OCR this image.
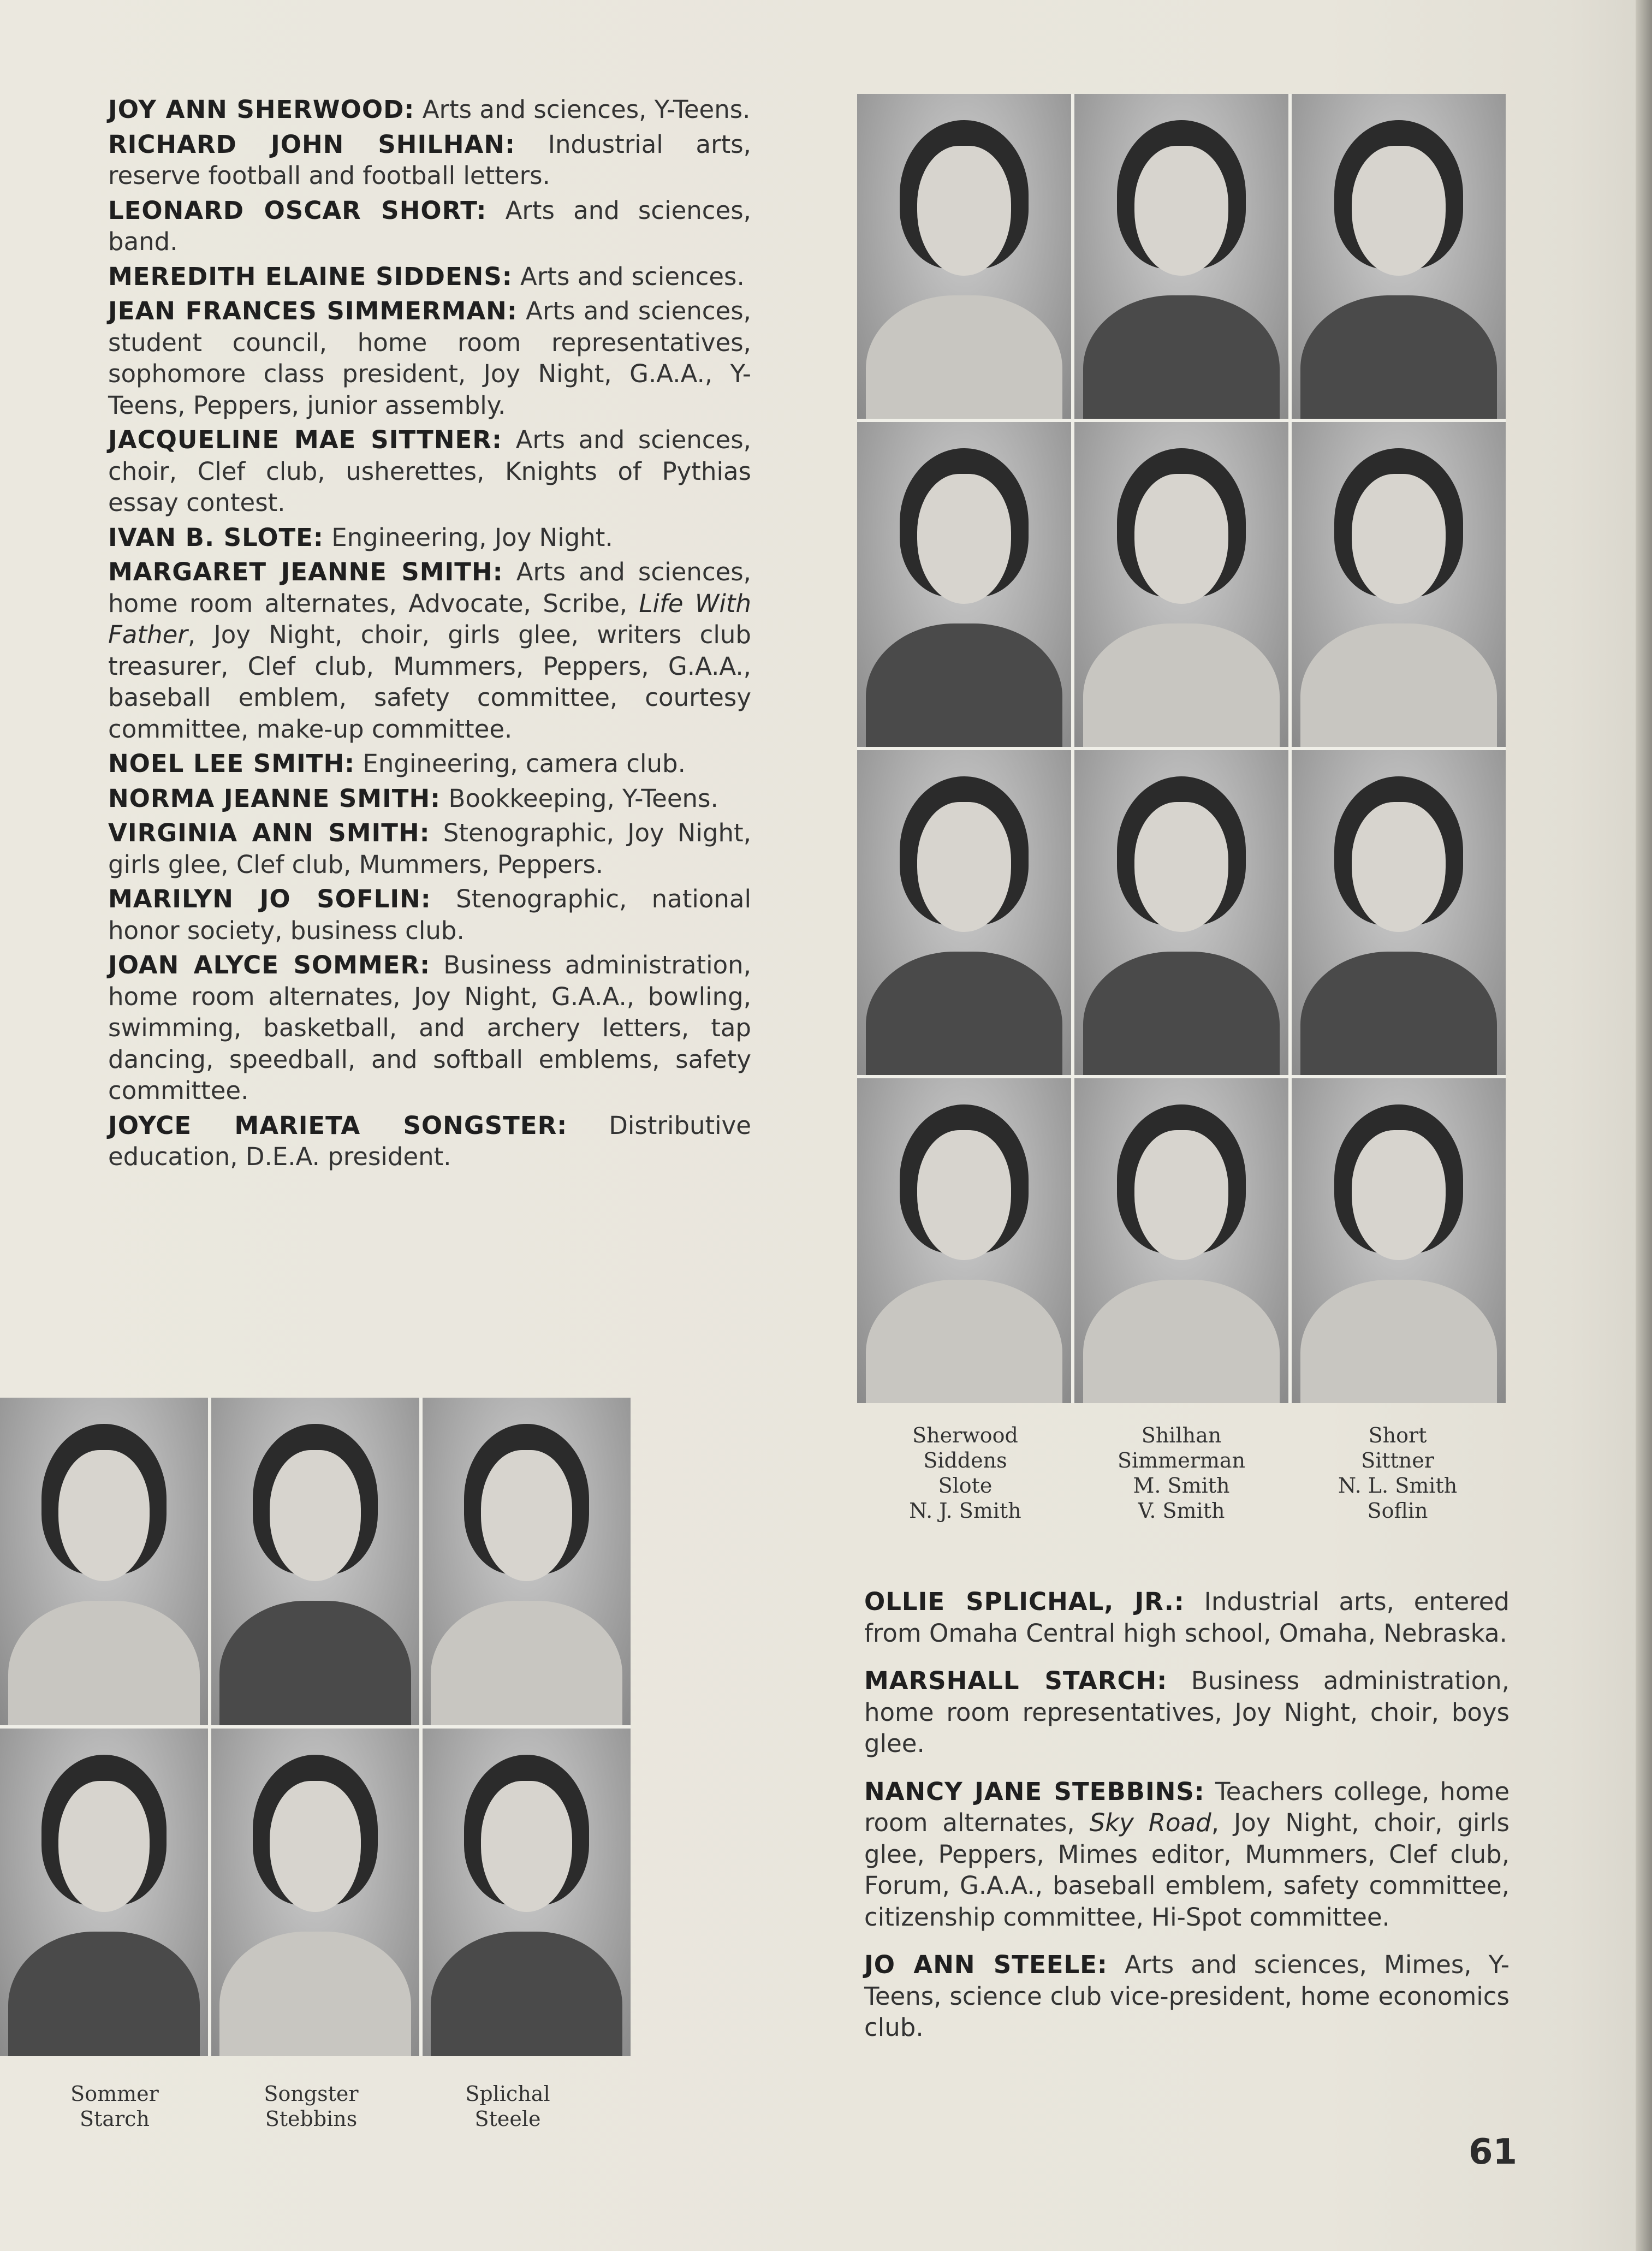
JOY ANN SHERWOOD: Arts and sciences, Y-Teens.

RICHARD JOHN SHILHAN: Industrial arts, reserve football and football letters.

LEONARD OSCAR SHORT: Arts and sciences, band.

MEREDITH ELAINE SIDDENS: Arts and sciences.

JEAN FRANCES SIMMERMAN: Arts and sciences, student council, home room representatives, sophomore class president, Joy Night, G.A.A., Y-Teens, Peppers, junior assembly.

JACQUELINE MAE SITTNER: Arts and sciences, choir, Clef club, usherettes, Knights of Pythias essay contest.

IVAN B. SLOTE: Engineering, Joy Night.

MARGARET JEANNE SMITH: Arts and sciences, home room alternates, Advocate, Scribe, Life With Father, Joy Night, choir, girls glee, writers club treasurer, Clef club, Mummers, Peppers, G.A.A., baseball emblem, safety committee, courtesy committee, make-up committee.

NOEL LEE SMITH: Engineering, camera club.

NORMA JEANNE SMITH: Bookkeeping, Y-Teens.

VIRGINIA ANN SMITH: Stenographic, Joy Night, girls glee, Clef club, Mummers, Peppers.

MARILYN JO SOFLIN: Stenographic, national honor society, business club.

JOAN ALYCE SOMMER: Business administration, home room alternates, Joy Night, G.A.A., bowling, swimming, basketball, and archery letters, tap dancing, speedball, and softball emblems, safety committee.

JOYCE MARIETA SONGSTER: Distributive education, D.E.A. president.

Sherwood
Siddens
Slote
N. J. Smith
Shilhan
Simmerman
M. Smith
V. Smith
Short
Sittner
N. L. Smith
Soflin
Sommer
Starch
Songster
Stebbins
Splichal
Steele

OLLIE SPLICHAL, JR.: Industrial arts, entered from Omaha Central high school, Omaha, Nebraska.

MARSHALL STARCH: Business administration, home room representatives, Joy Night, choir, boys glee.

NANCY JANE STEBBINS: Teachers college, home room alternates, Sky Road, Joy Night, choir, girls glee, Peppers, Mimes editor, Mummers, Clef club, Forum, G.A.A., baseball emblem, safety committee, citizenship committee, Hi-Spot committee.

JO ANN STEELE: Arts and sciences, Mimes, Y-Teens, science club vice-president, home economics club.

61
